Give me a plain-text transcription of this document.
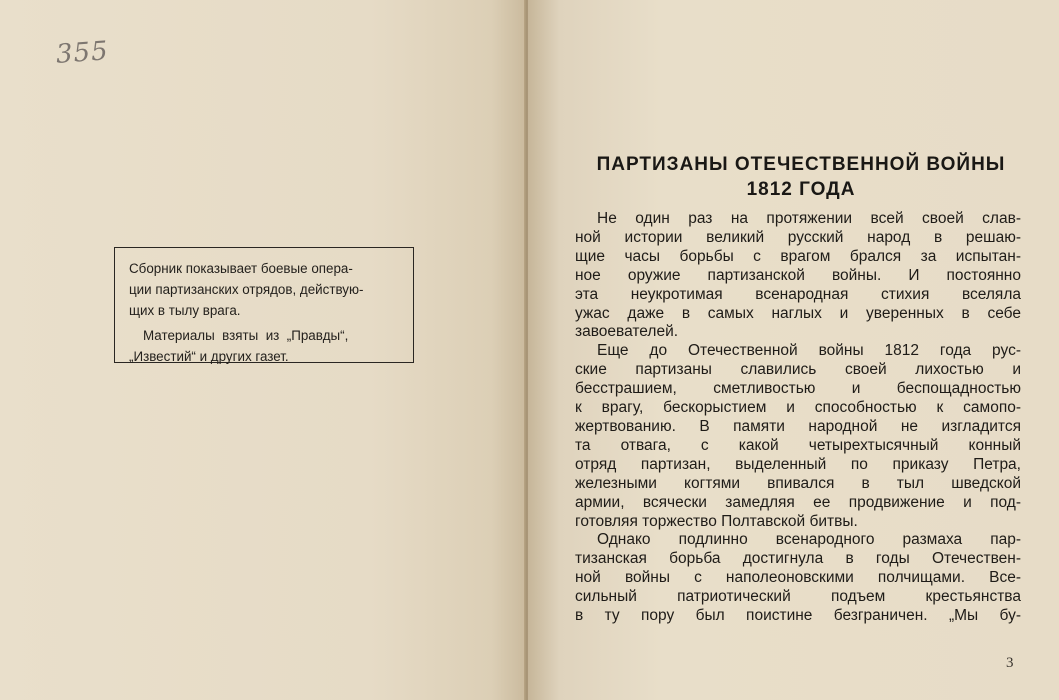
355
Сборник показывает боевые опера-
ции партизанских отрядов, действую-
щих в тылу врага.
Материалы  взяты  из  „Правды“,
„Известий“ и других газет.
ПАРТИЗАНЫ ОТЕЧЕСТВЕННОЙ ВОЙНЫ
1812 ГОДА
Не один раз на протяжении всей своей слав-
ной истории великий русский народ в решаю-
щие часы борьбы с врагом брался за испытан-
ное оружие партизанской войны. И постоянно
эта неукротимая всенародная стихия вселяла
ужас даже в самых наглых и уверенных в себе
завоевателей.
Еще до Отечественной войны 1812 года рус-
ские партизаны славились своей лихостью и
бесстрашием, сметливостью и беспощадностью
к врагу, бескорыстием и способностью к самопо-
жертвованию. В памяти народной не изгладится
та отвага, с какой четырехтысячный конный
отряд партизан, выделенный по приказу Петра,
железными когтями впивался в тыл шведской
армии, всячески замедляя ее продвижение и под-
готовляя торжество Полтавской битвы.
Однако подлинно всенародного размаха пар-
тизанская борьба достигнула в годы Отечествен-
ной войны с наполеоновскими полчищами. Все-
сильный патриотический подъем крестьянства
в ту пору был поистине безграничен. „Мы бу-
3
